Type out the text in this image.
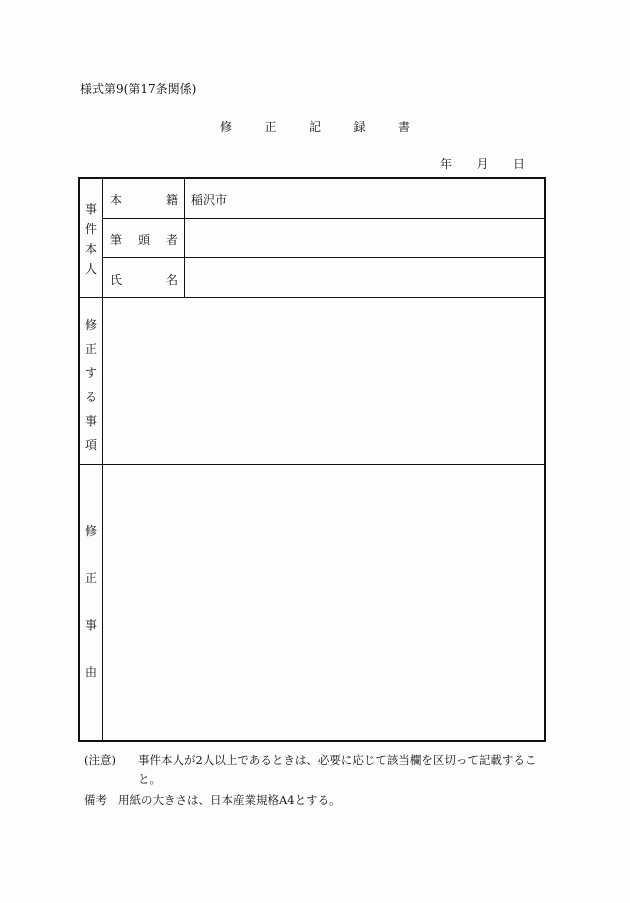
様式第9(第17条関係)
修	正	記	録	書
年 月 日
事
件
本
人
本	籍 稲沢市
筆 頭 者
氏	名
修
正
す
る
事
項
修
正
事
由
(注意)	事件本人が2人以上であるときは、必要に応じて該当欄を区切って記載するこ
と。
備考 用紙の大きさは、日本産業規格A4とする。
